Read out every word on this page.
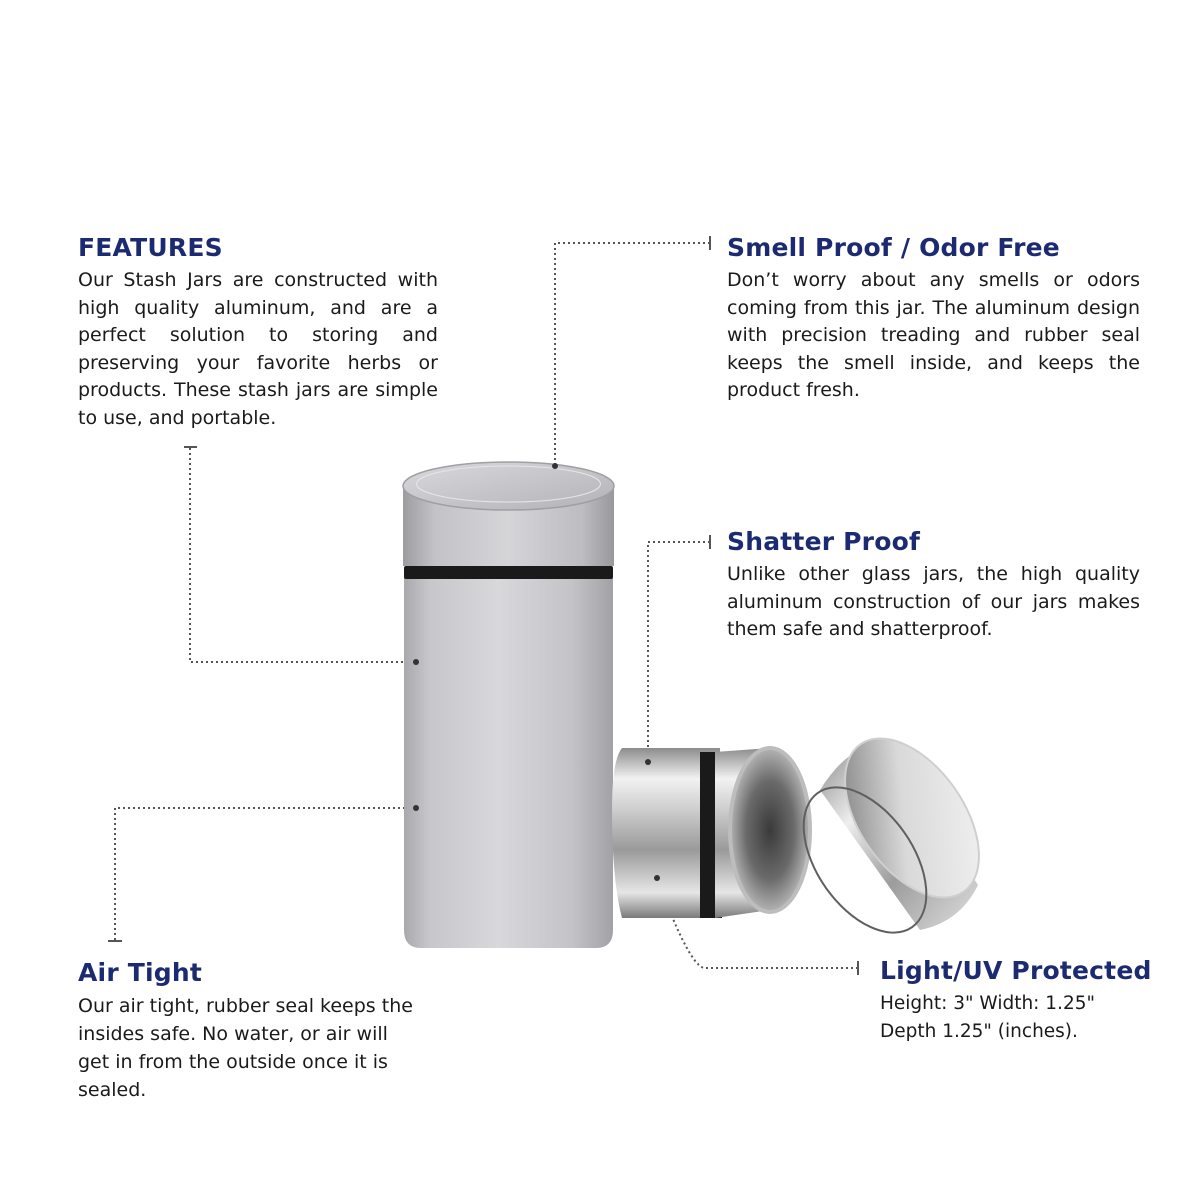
FEATURES

Our Stash Jars are constructed with high quality aluminum, and are a perfect solution to storing and preserving your favorite herbs or products. These stash jars are simple to use, and portable.

Smell Proof / Odor Free

Don’t worry about any smells or odors coming from this jar. The aluminum design with precision treading and rubber seal keeps the smell inside, and keeps the product fresh.

Shatter Proof

Unlike other glass jars, the high quality aluminum construction of our jars makes them safe and shatterproof.

Air Tight

Our air tight, rubber seal keeps the insides safe. No water, or air will get in from the outside once it is sealed.

Light/UV Protected

Height: 3" Width: 1.25"
Depth 1.25" (inches).
